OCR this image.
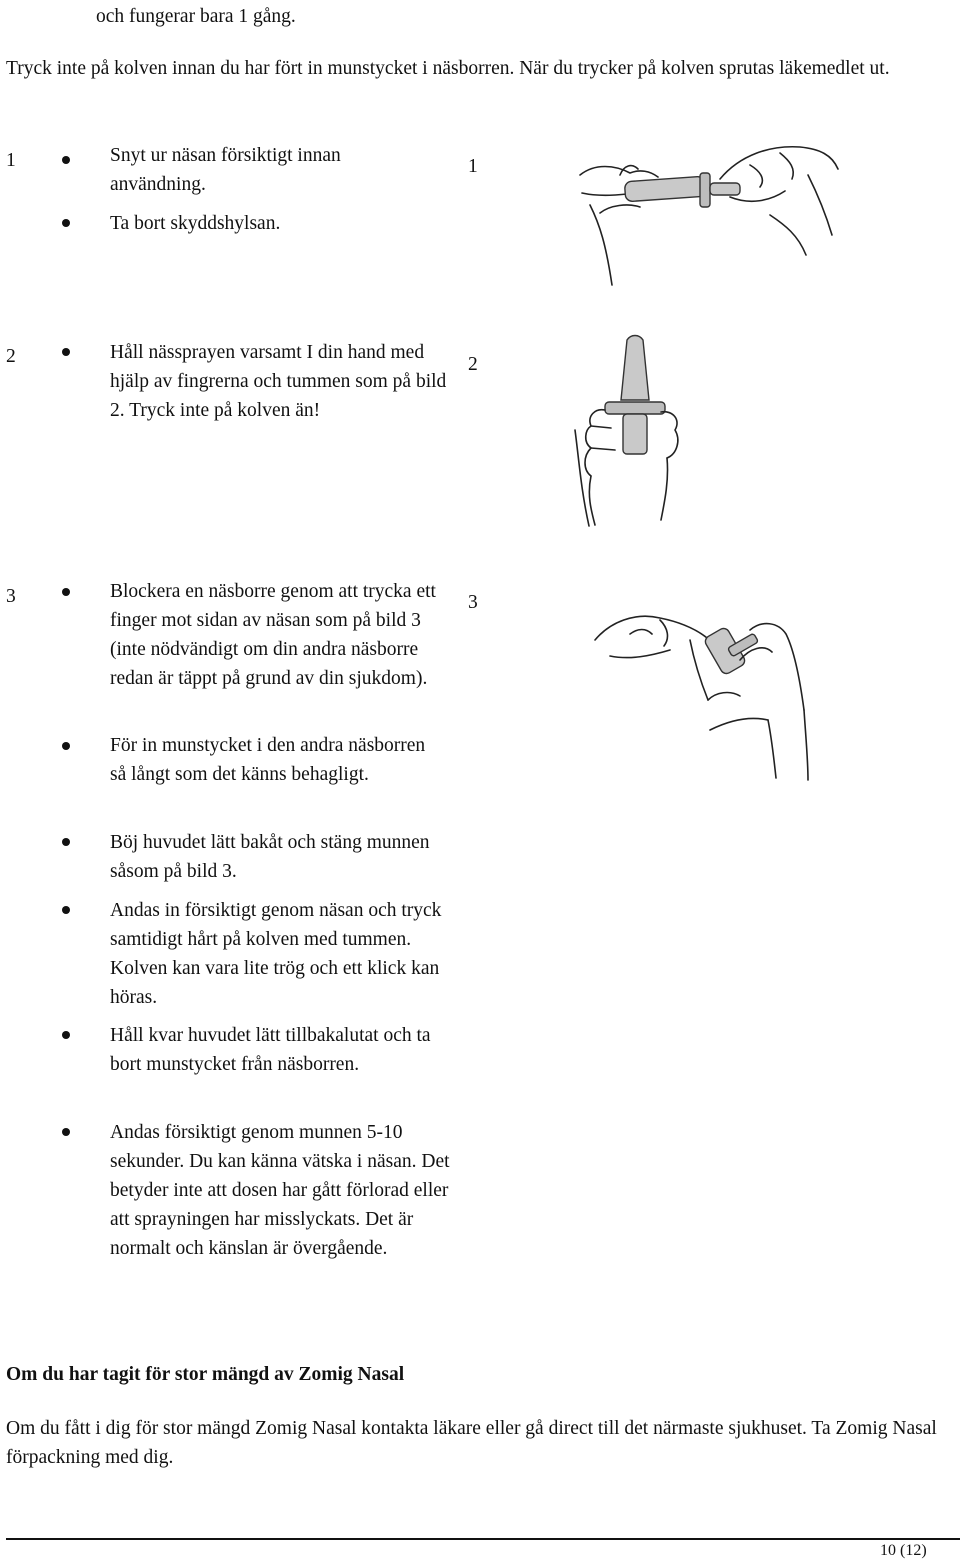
och fungerar bara 1 gång.
Tryck inte på kolven innan du har fört in munstycket i näsborren. När du trycker på kolven sprutas läkemedlet ut.
1	Snyt ur näsan försiktigt innan användning.
Ta bort skyddshylsan.
1
2	Håll nässprayen varsamt I din hand med hjälp av fingrerna och tummen som på bild 2. Tryck inte på kolven än!
2
3	3
Blockera en näsborre genom att trycka ett finger mot sidan av näsan som på bild 3 (inte nödvändigt om din andra näsborre redan är täppt på grund av din sjukdom).
För in munstycket i den andra näsborren så långt som det känns behagligt.
Böj huvudet lätt bakåt och stäng munnen såsom på bild 3.
Andas in försiktigt genom näsan och tryck samtidigt hårt på kolven med tummen. Kolven kan vara lite trög och ett klick kan höras.
Håll kvar huvudet lätt tillbakalutat och ta bort munstycket från näsborren.
Andas försiktigt genom munnen 5-10 sekunder. Du kan känna vätska i näsan. Det betyder inte att dosen har gått förlorad eller att sprayningen har misslyckats. Det är normalt och känslan är övergående.
Om du har tagit för stor mängd av Zomig Nasal
Om du fått i dig för stor mängd Zomig Nasal kontakta läkare eller gå direct till det närmaste sjukhuset. Ta Zomig Nasal förpackning med dig.
10 (12)
